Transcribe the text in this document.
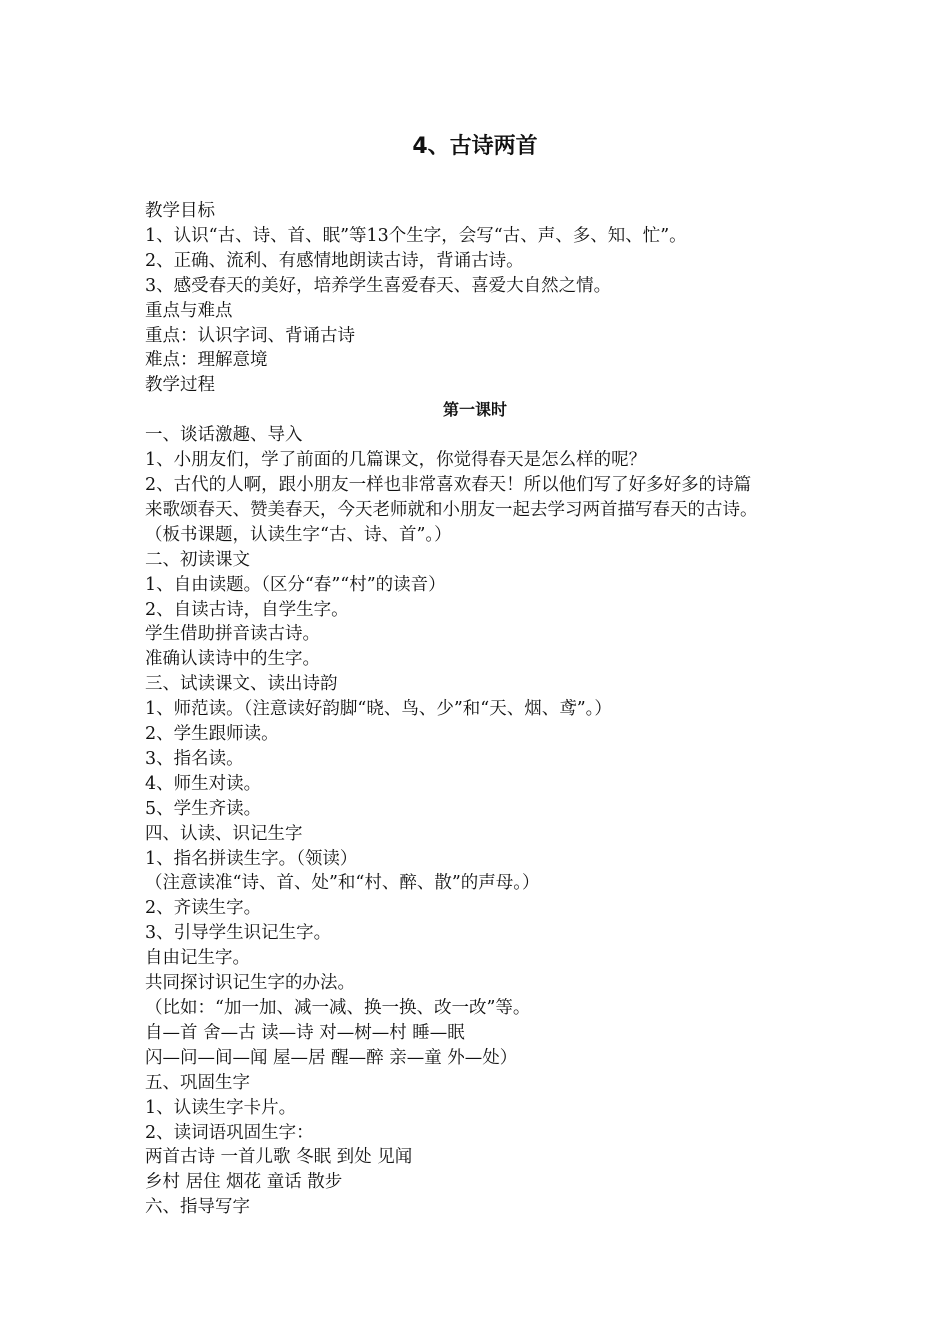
4、古诗两首
教学目标
1、认识“古、诗、首、眠”等13个生字，会写“古、声、多、知、忙”。
2、正确、流利、有感情地朗读古诗，背诵古诗。
3、感受春天的美好，培养学生喜爱春天、喜爱大自然之情。
重点与难点
重点：认识字词、背诵古诗
难点：理解意境
教学过程
第一课时
一、谈话激趣、导入
1、小朋友们，学了前面的几篇课文，你觉得春天是怎么样的呢？
2、古代的人啊，跟小朋友一样也非常喜欢春天！所以他们写了好多好多的诗篇
来歌颂春天、赞美春天，今天老师就和小朋友一起去学习两首描写春天的古诗。
（板书课题，认读生字“古、诗、首”。）
二、初读课文
1、自由读题。（区分“春”“村”的读音）
2、自读古诗，自学生字。
学生借助拼音读古诗。
准确认读诗中的生字。
三、试读课文、读出诗韵
1、师范读。（注意读好韵脚“晓、鸟、少”和“天、烟、鸢”。）
2、学生跟师读。
3、指名读。
4、师生对读。
5、学生齐读。
四、认读、识记生字
1、指名拼读生字。（领读）
（注意读准“诗、首、处”和“村、醉、散”的声母。）
2、齐读生字。
3、引导学生识记生字。
自由记生字。
共同探讨识记生字的办法。
（比如：“加一加、减一减、换一换、改一改”等。
自—首 舍—古 读—诗 对—树—村 睡—眠
闪—问—间—闻 屋—居 醒—醉 亲—童 外—处）
五、巩固生字
1、认读生字卡片。
2、读词语巩固生字：
两首古诗 一首儿歌 冬眠 到处 见闻
乡村 居住 烟花 童话 散步
六、指导写字
